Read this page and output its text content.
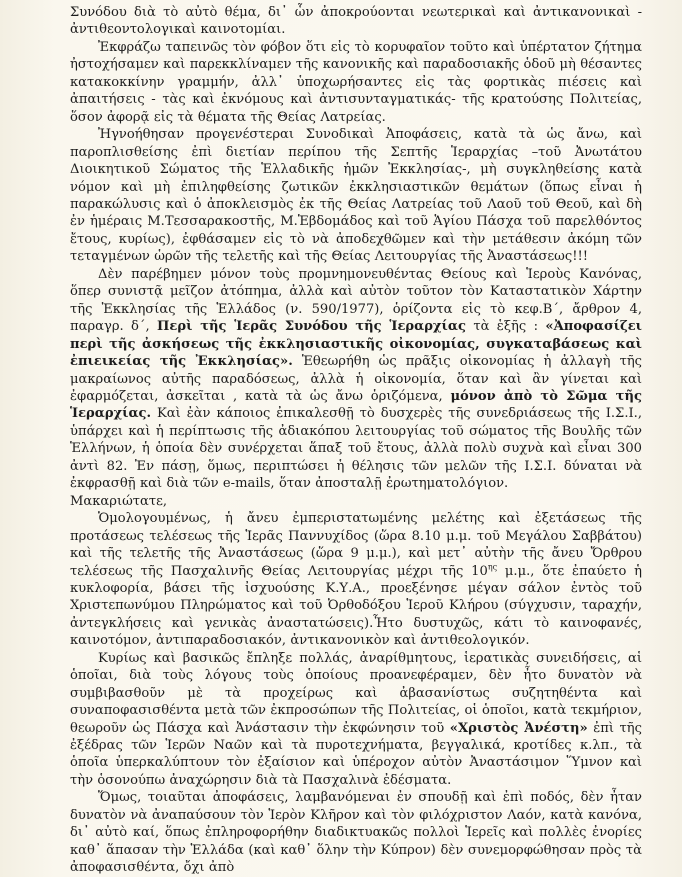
Συνόδου διὰ τὸ αὐτὸ θέμα, δι᾽ ὧν ἀποκρούονται νεωτερικαὶ καὶ ἀντικανονικαὶ - ἀντιθεοντολογικαὶ καινοτομίαι.

Ἐκφράζω ταπεινῶς τὸν φόβον ὅτι εἰς τὸ κορυφαῖον τοῦτο καὶ ὑπέρτατον ζήτημα ἠστοχήσαμεν καὶ παρεκκλίναμεν τῆς κανονικῆς καὶ παραδοσιακῆς ὁδοῦ μὴ θέσαντες κατακοκκίνην γραμμήν, ἀλλ᾽ ὑποχωρήσαντες εἰς τὰς φορτικὰς πιέσεις καὶ ἀπαιτήσεις - τὰς καὶ ἐκνόμους καὶ ἀντισυνταγματικάς- τῆς κρατούσης Πολιτείας, ὅσον ἀφορᾷ εἰς τὰ θέματα τῆς Θείας Λατρείας.

Ἠγνοήθησαν προγενέστεραι Συνοδικαὶ Ἀποφάσεις, κατὰ τὰ ὡς ἄνω, καὶ παροπλισθείσης ἐπὶ διετίαν περίπου τῆς Σεπτῆς Ἱεραρχίας –τοῦ Ἀνωτάτου Διοικητικοῦ Σώματος τῆς Ἑλλαδικῆς ἡμῶν Ἐκκλησίας-, μὴ συγκληθείσης κατὰ νόμον καὶ μὴ ἐπιληφθείσης ζωτικῶν ἐκκλησιαστικῶν θεμάτων (ὅπως εἶναι ἡ παρακώλυσις καὶ ὁ ἀποκλεισμὸς ἐκ τῆς Θείας Λατρείας τοῦ Λαοῦ τοῦ Θεοῦ, καὶ δὴ ἐν ἡμέραις Μ.Τεσσαρακοστῆς, Μ.Ἑβδομάδος καὶ τοῦ Ἁγίου Πάσχα τοῦ παρελθόντος ἔτους, κυρίως), ἐφθάσαμεν εἰς τὸ νὰ ἀποδεχθῶμεν καὶ τὴν μετάθεσιν ἀκόμη τῶν τεταγμένων ὡρῶν τῆς τελετῆς καὶ τῆς Θείας Λειτουργίας τῆς Ἀναστάσεως!!!

Δὲν παρέβημεν μόνον τοὺς προμνημονευθέντας Θείους καὶ Ἱεροὺς Κανόνας, ὅπερ συνιστᾷ μεῖζον ἀτόπημα, ἀλλὰ καὶ αὐτὸν τοῦτον τὸν Καταστατικὸν Χάρτην τῆς Ἐκκλησίας τῆς Ἑλλάδος (ν. 590/1977), ὁρίζοντα εἰς τὸ κεφ.Β΄, ἄρθρον 4, παραγρ. δ΄, Περὶ τῆς Ἱερᾶς Συνόδου τῆς Ἱεραρχίας τὰ ἑξῆς : «Ἀποφασίζει περὶ τῆς ἀσκήσεως τῆς ἐκκλησιαστικῆς οἰκονομίας, συγκαταβάσεως καὶ ἐπιεικείας τῆς Ἐκκλησίας». Ἑθεωρήθη ὡς πρᾶξις οἰκονομίας ἡ ἀλλαγὴ τῆς μακραίωνος αὐτῆς παραδόσεως, ἀλλὰ ἡ οἰκονομία, ὅταν καὶ ἂν γίνεται καὶ ἐφαρμόζεται, ἀσκεῖται , κατὰ τὰ ὡς ἄνω ὁριζόμενα, μόνον ἀπὸ τὸ Σῶμα τῆς Ἱεραρχίας. Καὶ ἐὰν κάποιος ἐπικαλεσθῇ τὸ δυσχερὲς τῆς συνεδριάσεως τῆς Ι.Σ.Ι., ὑπάρχει καὶ ἡ περίπτωσις τῆς ἀδιακόπου λειτουργίας τοῦ σώματος τῆς Βουλῆς τῶν Ἑλλήνων, ἡ ὁποία δὲν συνέρχεται ἅπαξ τοῦ ἔτους, ἀλλὰ πολὺ συχνὰ καὶ εἶναι 300 ἀντὶ 82. Ἐν πάσῃ, ὅμως, περιπτώσει ἡ θέλησις τῶν μελῶν τῆς Ι.Σ.Ι. δύναται νὰ ἐκφρασθῇ καὶ διὰ τῶν e-mails, ὅταν ἀποσταλῇ ἐρωτηματολόγιον.

Μακαριώτατε,

Ὁμολογουμένως, ἡ ἄνευ ἐμπεριστατωμένης μελέτης καὶ ἐξετάσεως τῆς προτάσεως τελέσεως τῆς Ἱερᾶς Παννυχίδος (ὥρα 8.10 μ.μ. τοῦ Μεγάλου Σαββάτου) καὶ τῆς τελετῆς τῆς Ἀναστάσεως (ὥρα 9 μ.μ.), καὶ μετ᾽ αὐτὴν τῆς ἄνευ Ὄρθρου τελέσεως τῆς Πασχαλινῆς Θείας Λειτουργίας μέχρι τῆς $10^{\eta\varsigma}$ μ.μ., ὅτε ἐπαύετο ἡ κυκλοφορία, βάσει τῆς ἰσχυούσης Κ.Υ.Α., προεξένησε μέγαν σάλον ἐντὸς τοῦ Χριστεπωνύμου Πληρώματος καὶ τοῦ Ὀρθοδόξου Ἱεροῦ Κλήρου (σύγχυσιν, ταραχήν, ἀντεγκλήσεις καὶ γενικὰς ἀναστατώσεις).Ἦτο δυστυχῶς, κάτι τὸ καινοφανές, καινοτόμον, ἀντιπαραδοσιακόν, ἀντικανονικὸν καὶ ἀντιθεολογικόν.

Κυρίως καὶ βασικῶς ἔπληξε πολλάς, ἀναρίθμητους, ἱερατικὰς συνειδήσεις, αἱ ὁποῖαι, διὰ τοὺς λόγους τοὺς ὁποίους προανεφέραμεν, δὲν ἦτο δυνατὸν νὰ συμβιβασθοῦν μὲ τὰ προχείρως καὶ ἀβασανίστως συζητηθέντα καὶ συναποφασισθέντα μετὰ τῶν ἐκπροσώπων τῆς Πολιτείας, οἱ ὁποῖοι, κατὰ τεκμήριον, θεωροῦν ὡς Πάσχα καὶ Ἀνάστασιν τὴν ἐκφώνησιν τοῦ «Χριστὸς Ἀνέστη» ἐπὶ τῆς ἐξέδρας τῶν Ἱερῶν Ναῶν καὶ τὰ πυροτεχνήματα, βεγγαλικά, κροτίδες κ.λπ., τὰ ὁποῖα ὑπερκαλύπτουν τὸν ἐξαίσιον καὶ ὑπέροχον αὐτὸν Ἀναστάσιμον Ὕμνον καὶ τὴν ὁσονούπω ἀναχώρησιν διὰ τὰ Πασχαλινὰ ἐδέσματα.

Ὅμως, τοιαῦται ἀποφάσεις, λαμβανόμεναι ἐν σπουδῇ καὶ ἐπὶ ποδός, δὲν ἦταν δυνατὸν νὰ ἀναπαύσουν τὸν Ἱερὸν Κλῆρον καὶ τὸν φιλόχριστον Λαόν, κατὰ κανόνα, δι᾽ αὐτὸ καί, ὅπως ἐπληροφορήθην διαδικτυακῶς πολλοὶ Ἱερεῖς καὶ πολλὲς ἐνορίες καθ᾽ ἅπασαν τὴν Ἑλλάδα (καὶ καθ᾽ ὅλην τὴν Κύπρον) δὲν συνεμορφώθησαν πρὸς τὰ ἀποφασισθέντα, ὄχι ἀπὸ
